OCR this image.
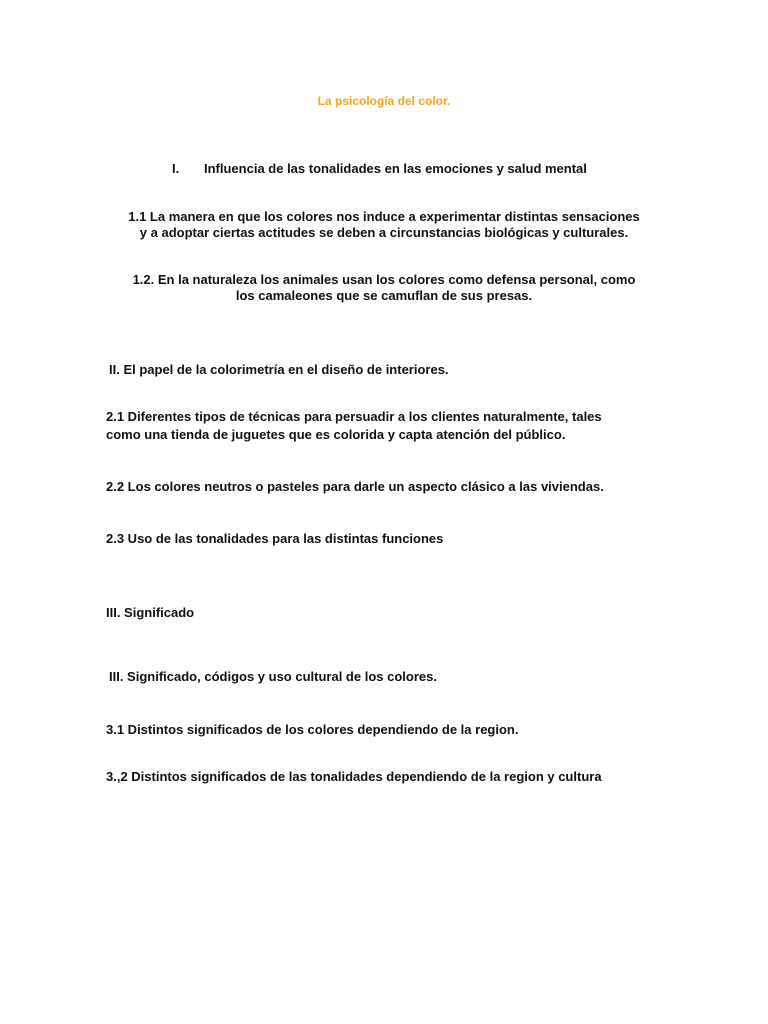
La psicología del color.
I. Influencia de las tonalidades en las emociones y salud mental
1.1 La manera en que los colores nos induce a experimentar distintas sensaciones
y a adoptar ciertas actitudes se deben a circunstancias biológicas y culturales.
1.2. En la naturaleza los animales usan los colores como defensa personal, como
los camaleones que se camuflan de sus presas.
II. El papel de la colorimetría en el diseño de interiores.
2.1 Diferentes tipos de técnicas para persuadir a los clientes naturalmente, tales
como una tienda de juguetes que es colorida y capta atención del público.
2.2 Los colores neutros o pasteles para darle un aspecto clásico a las viviendas.
2.3 Uso de las tonalidades para las distintas funciones
III. Significado
III. Significado, códigos y uso cultural de los colores.
3.1 Distintos significados de los colores dependiendo de la region.
3.,2 Distintos significados de las tonalidades dependiendo de la region y cultura
